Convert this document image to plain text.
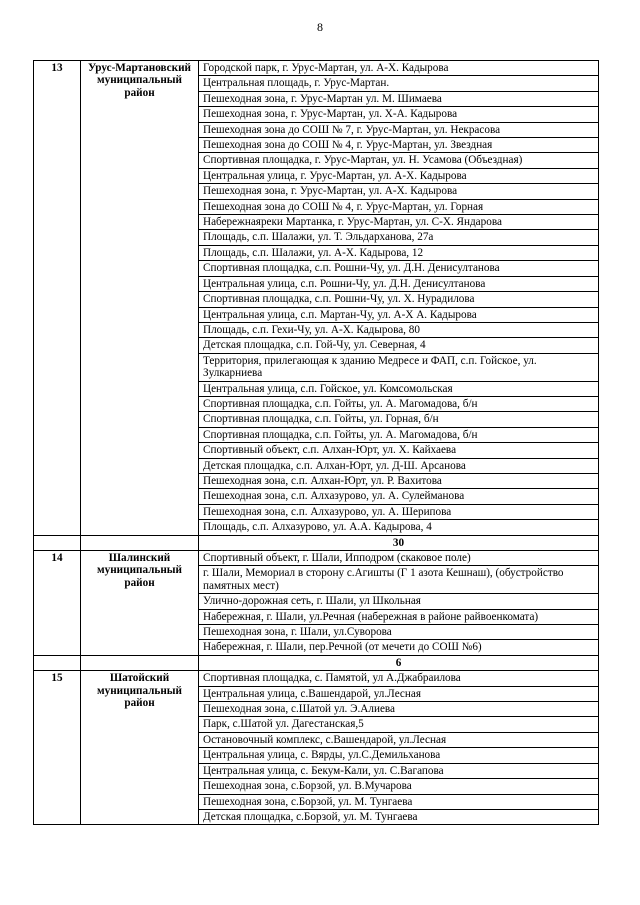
8
13	Урус-Мартановский муниципальный район	Городской парк, г. Урус-Мартан, ул. А-Х. Кадырова
		Центральная площадь, г. Урус-Мартан.
		Пешеходная зона, г. Урус-Мартан ул. М. Шимаева
		Пешеходная зона, г. Урус-Мартан, ул. Х-А. Кадырова
		Пешеходная зона до СОШ № 7, г. Урус-Мартан, ул. Некрасова
		Пешеходная зона до СОШ № 4, г. Урус-Мартан, ул. Звездная
		Спортивная площадка, г. Урус-Мартан, ул. Н. Усамова (Объездная)
		Центральная улица, г. Урус-Мартан, ул. А-Х. Кадырова
		Пешеходная зона, г. Урус-Мартан, ул. А-Х. Кадырова
		Пешеходная зона до СОШ № 4, г. Урус-Мартан, ул. Горная
		Набережнаяреки Мартанка, г. Урус-Мартан, ул. С-Х. Яндарова
		Площадь, с.п. Шалажи, ул. Т. Эльдарханова, 27а
		Площадь, с.п. Шалажи, ул. А-Х. Кадырова, 12
		Спортивная площадка, с.п. Рошни-Чу, ул. Д.Н. Денисултанова
		Центральная улица, с.п. Рошни-Чу, ул. Д.Н. Денисултанова
		Спортивная площадка, с.п. Рошни-Чу, ул. Х. Нурадилова
		Центральная улица, с.п. Мартан-Чу, ул. А-Х А. Кадырова
		Площадь, с.п. Гехи-Чу, ул. А-Х. Кадырова, 80
		Детская площадка, с.п. Гой-Чу, ул. Северная, 4
		Территория, прилегающая к зданию Медресе и ФАП, с.п. Гойское, ул. Зулкарниева
		Центральная улица, с.п. Гойское, ул. Комсомольская
		Спортивная площадка, с.п. Гойты, ул. А. Магомадова, б/н
		Спортивная площадка, с.п. Гойты, ул. Горная, б/н
		Спортивная площадка, с.п. Гойты, ул. А. Магомадова, б/н
		Спортивный объект, с.п. Алхан-Юрт, ул. Х. Кайхаева
		Детская площадка, с.п. Алхан-Юрт, ул. Д-Ш. Арсанова
		Пешеходная зона, с.п. Алхан-Юрт, ул. Р. Вахитова
		Пешеходная зона, с.п. Алхазурово, ул. А. Сулейманова
		Пешеходная зона, с.п. Алхазурово, ул. А. Шерипова
		Площадь, с.п. Алхазурово, ул. А.А. Кадырова, 4
		30
14	Шалинский муниципальный район	Спортивный объект, г. Шали, Ипподром (скаковое поле)
		г. Шали, Мемориал в сторону с.Агишты (Г 1 азота Кешнаш), (обустройство памятных мест)
		Улично-дорожная сеть, г. Шали, ул Школьная
		Набережная, г. Шали, ул.Речная (набережная в районе райвоенкомата)
		Пешеходная зона, г. Шали, ул.Суворова
		Набережная, г. Шали, пер.Речной (от мечети до СОШ №6)
		6
15	Шатойский муниципальный район	Спортивная площадка, с. Памятой, ул А.Джабраилова
		Центральная улица, с.Вашендарой, ул.Лесная
		Пешеходная зона, с.Шатой ул. Э.Алиева
		Парк, с.Шатой ул. Дагестанская,5
		Остановочный комплекс, с.Вашендарой, ул.Лесная
		Центральная улица, с. Вярды, ул.С.Демильханова
		Центральная улица, с. Бекум-Кали, ул. С.Вагапова
		Пешеходная зона, с.Борзой, ул. В.Мучарова
		Пешеходная зона, с.Борзой, ул. М. Тунгаева
		Детская площадка, с.Борзой, ул. М. Тунгаева
